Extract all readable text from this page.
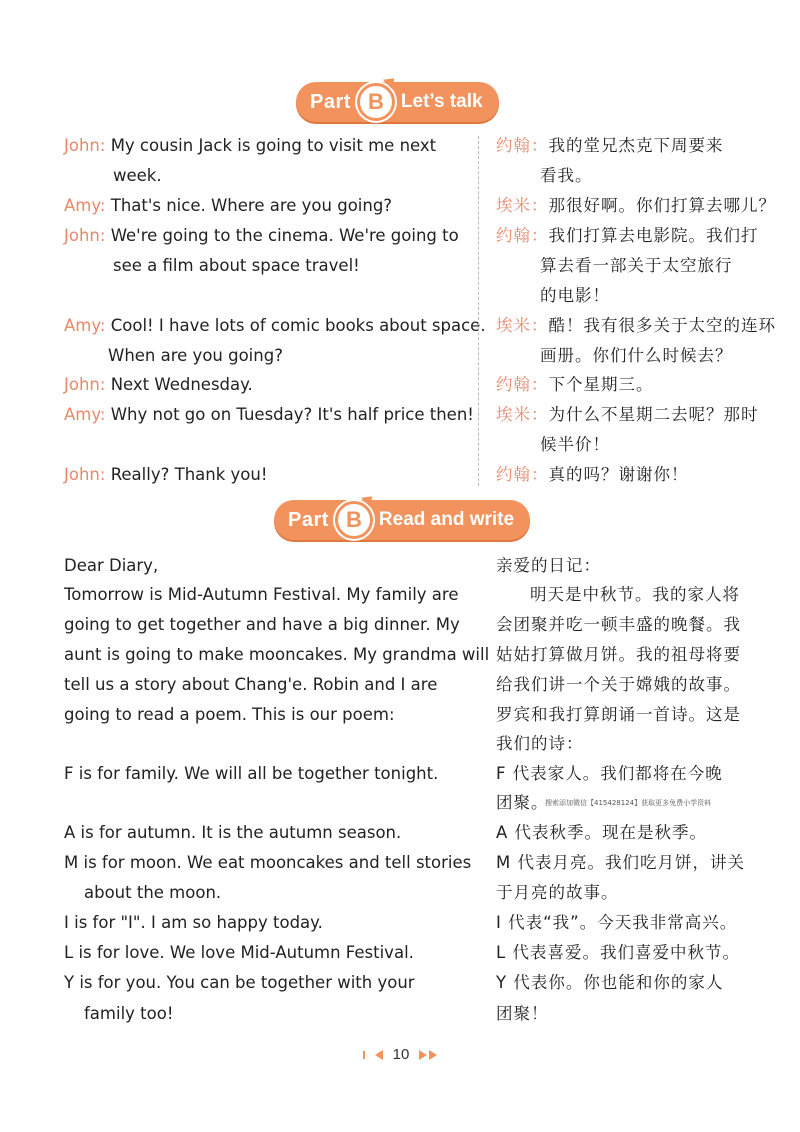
Part B Let’s talk
John: My cousin Jack is going to visit me next
week.
Amy: That's nice. Where are you going?
John: We're going to the cinema. We're going to
see a film about space travel!
Amy: Cool! I have lots of comic books about space.
When are you going?
John: Next Wednesday.
Amy: Why not go on Tuesday? It's half price then!
John: Really? Thank you!
约翰：我的堂兄杰克下周要来
看我。
埃米：那很好啊。你们打算去哪儿？
约翰：我们打算去电影院。我们打
算去看一部关于太空旅行
的电影！
埃米：酷！我有很多关于太空的连环
画册。你们什么时候去？
约翰：下个星期三。
埃米：为什么不星期二去呢？那时
候半价！
约翰：真的吗？谢谢你！
Part B Read and write
Dear Diary,
Tomorrow is Mid-Autumn Festival. My family are
going to get together and have a big dinner. My
aunt is going to make mooncakes. My grandma will
tell us a story about Chang'e. Robin and I are
going to read a poem. This is our poem:
F is for family. We will all be together tonight.
A is for autumn. It is the autumn season.
M is for moon. We eat mooncakes and tell stories
about the moon.
I is for "I". I am so happy today.
L is for love. We love Mid-Autumn Festival.
Y is for you. You can be together with your
family too!
亲爱的日记：
明天是中秋节。我的家人将
会团聚并吃一顿丰盛的晚餐。我
姑姑打算做月饼。我的祖母将要
给我们讲一个关于嫦娥的故事。
罗宾和我打算朗诵一首诗。这是
我们的诗：
F 代表家人。我们都将在今晚
团聚。
A 代表秋季。现在是秋季。
M 代表月亮。我们吃月饼，讲关
于月亮的故事。
I 代表“我”。今天我非常高兴。
L 代表喜爱。我们喜爱中秋节。
Y 代表你。你也能和你的家人
团聚！
搜索添加微信【415428124】获取更多免费小学资料
10
